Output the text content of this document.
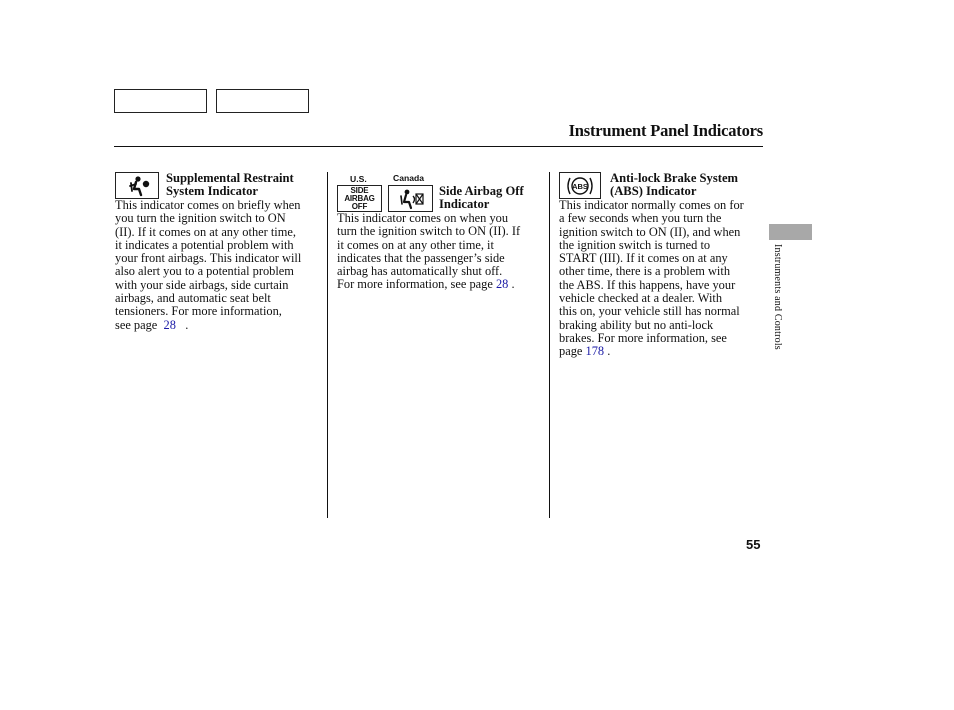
Instrument Panel Indicators
Supplemental Restraint
System Indicator
This indicator comes on briefly when
you turn the ignition switch to ON
(II). If it comes on at any other time,
it indicates a potential problem with
your front airbags. This indicator will
also alert you to a potential problem
with your side airbags, side curtain
airbags, and automatic seat belt
tensioners. For more information,
see page 28 .
U.S.	Canada
SIDE
AIRBAG
OFF
Side Airbag Off
Indicator
This indicator comes on when you
turn the ignition switch to ON (II). If
it comes on at any other time, it
indicates that the passenger’s side
airbag has automatically shut off.
For more information, see page 28 .
ABS
Anti-lock Brake System
(ABS) Indicator
This indicator normally comes on for
a few seconds when you turn the
ignition switch to ON (II), and when
the ignition switch is turned to
START (III). If it comes on at any
other time, there is a problem with
the ABS. If this happens, have your
vehicle checked at a dealer. With
this on, your vehicle still has normal
braking ability but no anti-lock
brakes. For more information, see
page 178 .
Instruments and Controls
55
